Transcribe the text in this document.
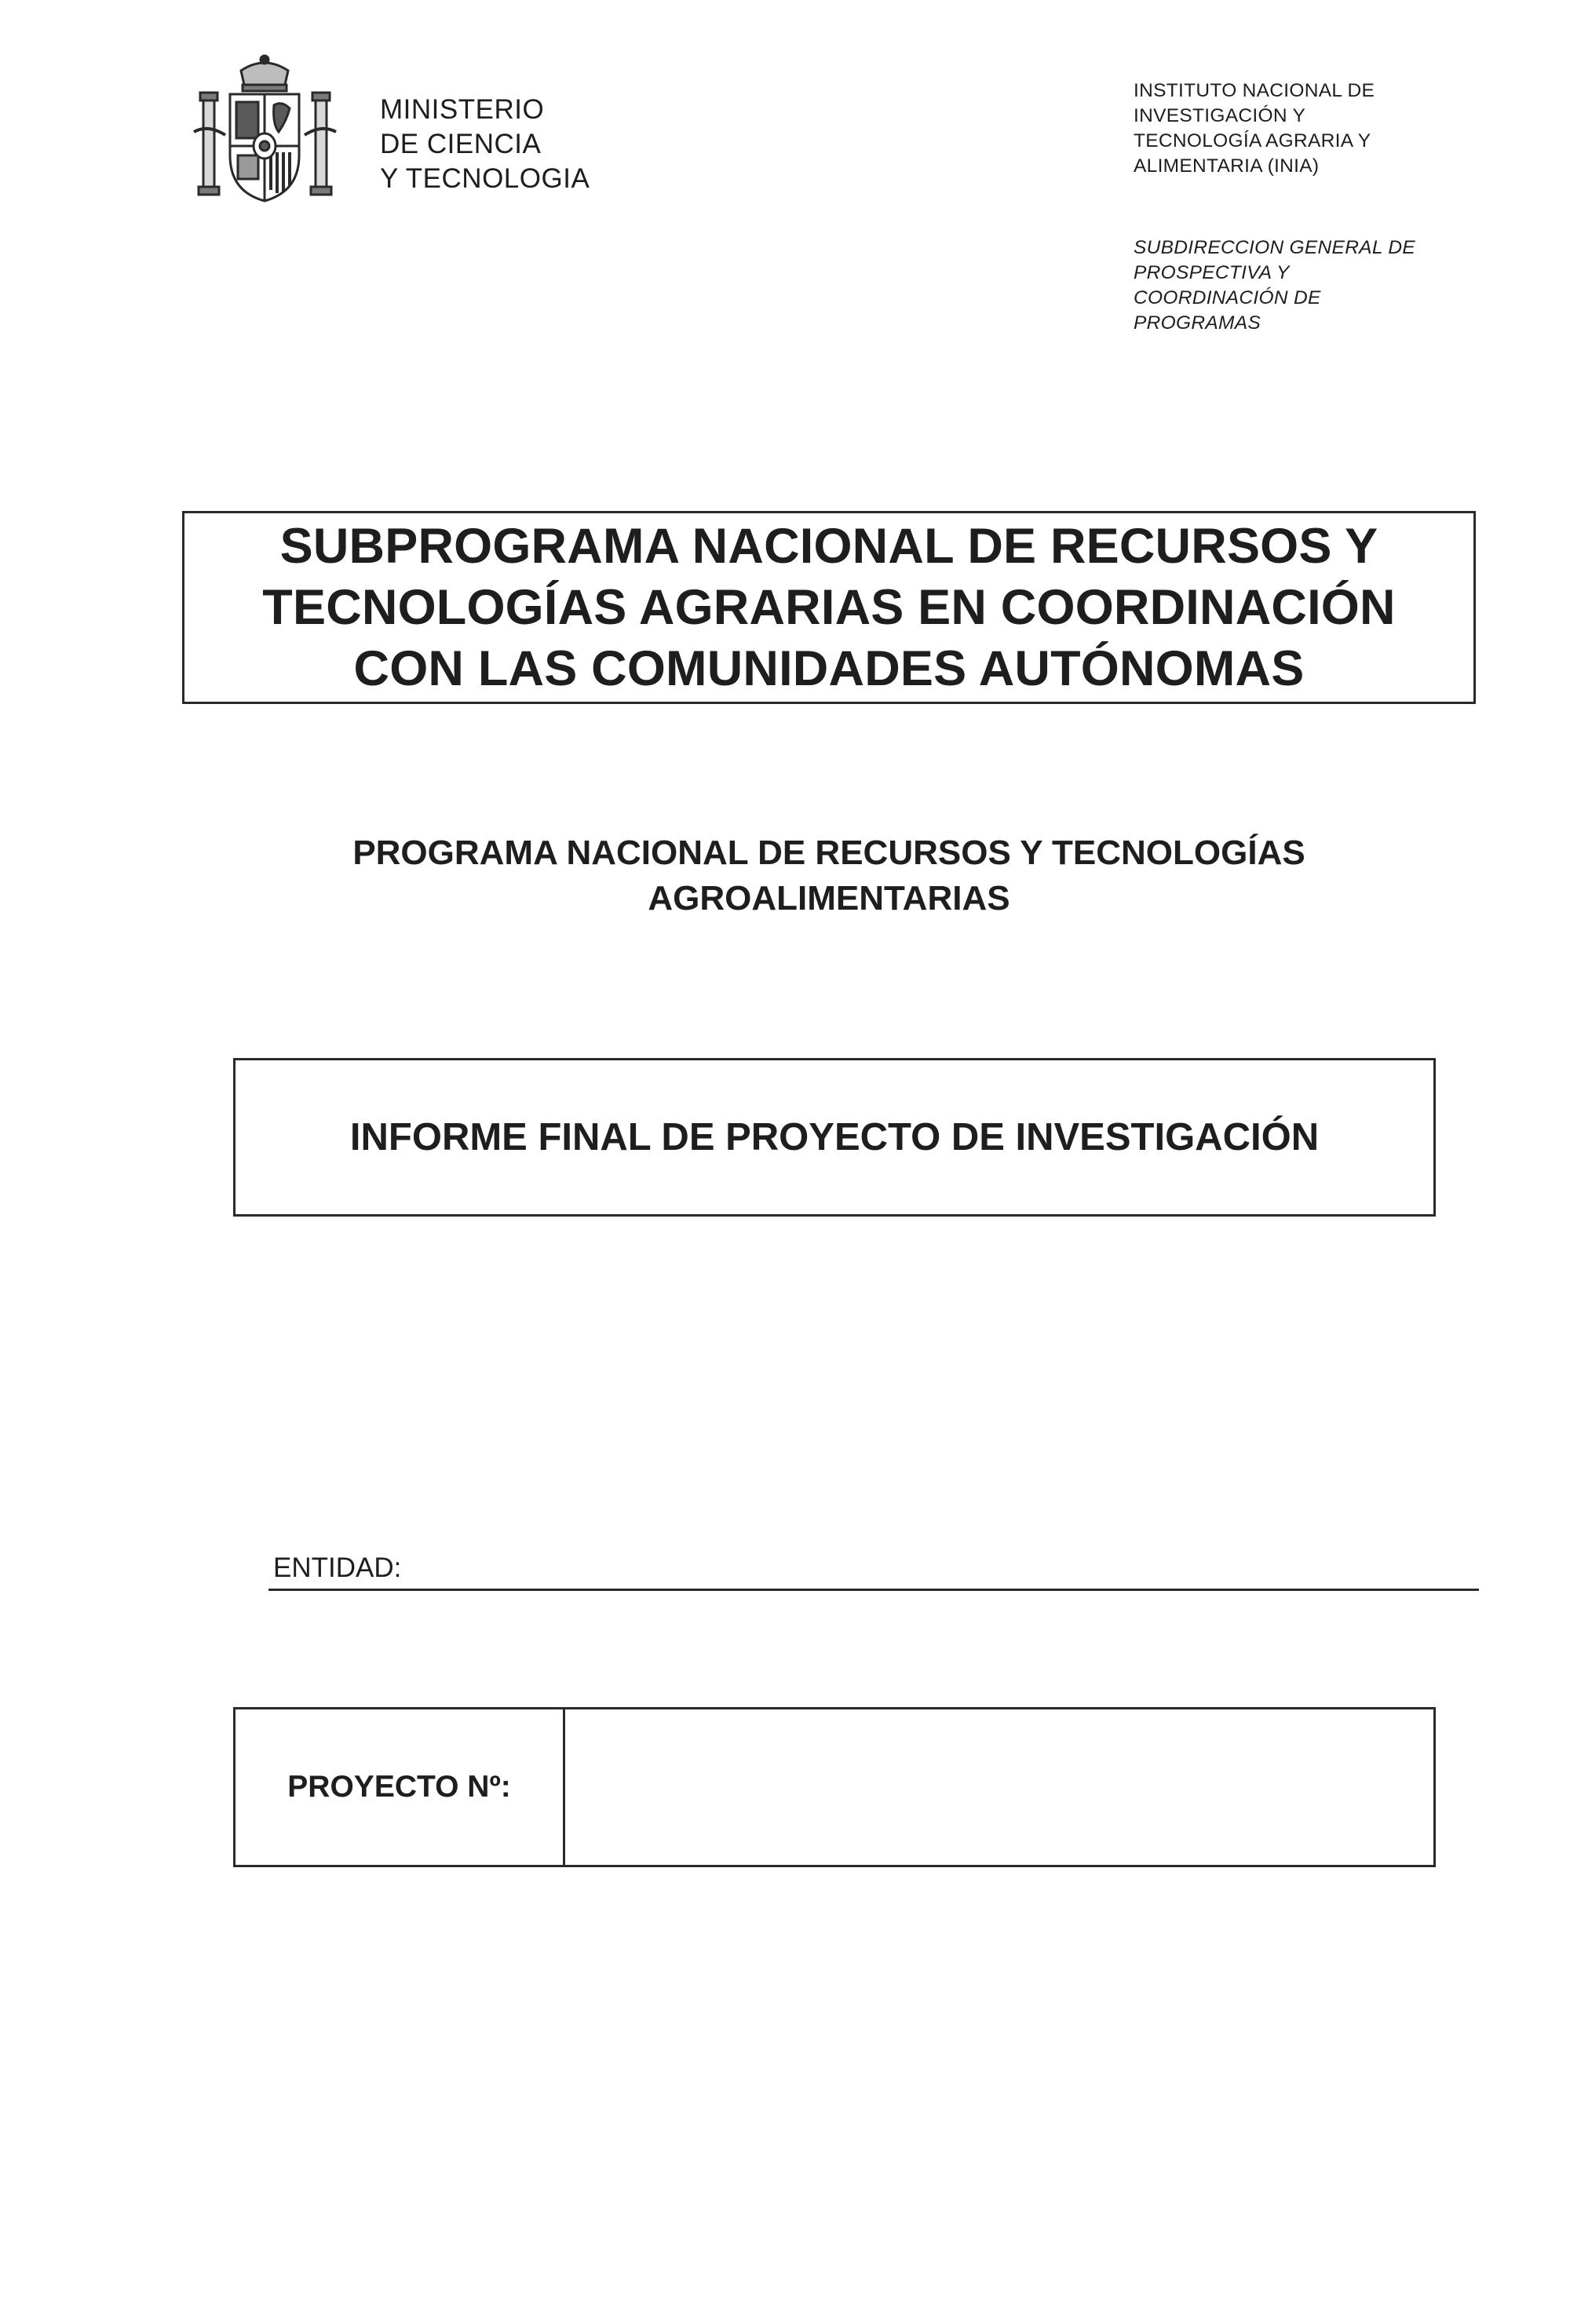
MINISTERIO
DE CIENCIA
Y TECNOLOGIA
INSTITUTO NACIONAL DE
INVESTIGACIÓN Y
TECNOLOGÍA AGRARIA Y
ALIMENTARIA (INIA)
SUBDIRECCION GENERAL DE
PROSPECTIVA Y
COORDINACIÓN DE
PROGRAMAS
SUBPROGRAMA NACIONAL DE RECURSOS Y
TECNOLOGÍAS AGRARIAS EN COORDINACIÓN
CON LAS COMUNIDADES AUTÓNOMAS
PROGRAMA NACIONAL DE RECURSOS Y TECNOLOGÍAS
AGROALIMENTARIAS
INFORME FINAL DE PROYECTO DE INVESTIGACIÓN
ENTIDAD:
PROYECTO Nº:
